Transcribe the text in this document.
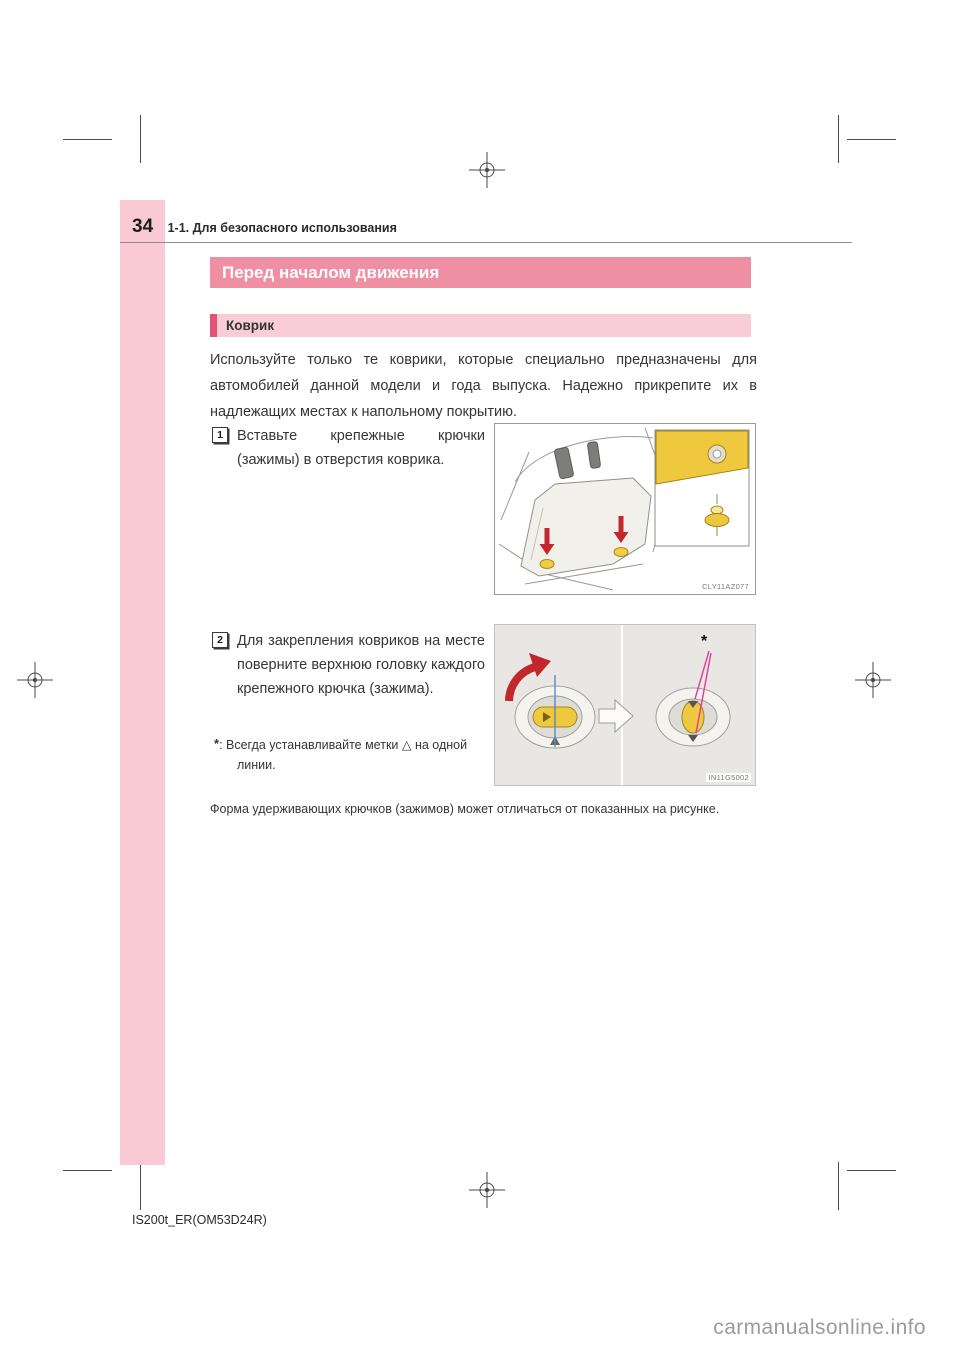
34 1-1. Для безопасного использования
Перед началом движения
Коврик

Используйте только те коврики, которые специально предназначены для автомобилей данной модели и года выпуска. Надежно прикрепите их в надлежащих местах к напольному покрытию.

1 Вставьте крепежные крючки (зажимы) в отверстия коврика.
CLY11AZ077
2 Для закрепления ковриков на месте поверните верхнюю головку каждого крепежного крючка (зажима).

*: Всегда устанавливайте метки △ на одной линии.

*
IN11G5002

Форма удерживающих крючков (зажимов) может отличаться от показанных на рисунке.

IS200t_ER(OM53D24R)
carmanualsonline.info
